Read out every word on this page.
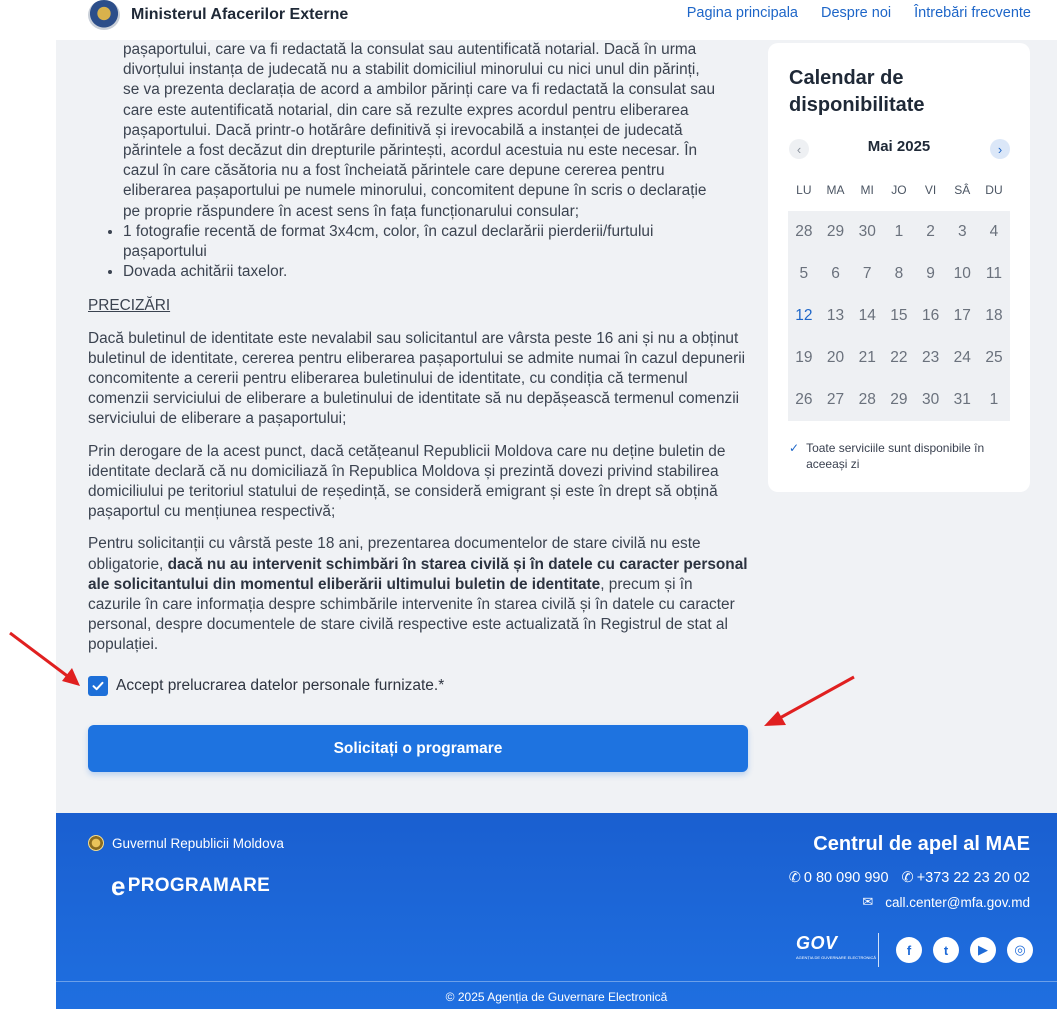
Ministerul Afacerilor Externe	Pagina principala Despre noi Întrebări frecvente
pașaportului, care va fi redactată la consulat sau autentificată notarial. Dacă în urma
divorțului instanța de judecată nu a stabilit domiciliul minorului cu nici unul din părinți,
se va prezenta declarația de acord a ambilor părinți care va fi redactată la consulat sau
care este autentificată notarial, din care să rezulte expres acordul pentru eliberarea
pașaportului. Dacă printr-o hotărâre definitivă și irevocabilă a instanței de judecată
părintele a fost decăzut din drepturile părintești, acordul acestuia nu este necesar. În
cazul în care căsătoria nu a fost încheiată părintele care depune cererea pentru
eliberarea pașaportului pe numele minorului, concomitent depune în scris o declarație
pe proprie răspundere în acest sens în fața funcționarului consular;
• 1 fotografie recentă de format 3x4cm, color, în cazul declarării pierderii/furtului pașaportului
• Dovada achitării taxelor.
PRECIZĂRI

Dacă buletinul de identitate este nevalabil sau solicitantul are vârsta peste 16 ani și nu a obținut buletinul de identitate, cererea pentru eliberarea pașaportului se admite numai în cazul depunerii concomitente a cererii pentru eliberarea buletinului de identitate, cu condiția că termenul comenzii serviciului de eliberare a buletinului de identitate să nu depășească termenul comenzii serviciului de eliberare a pașaportului;

Prin derogare de la acest punct, dacă cetățeanul Republicii Moldova care nu deține buletin de identitate declară că nu domiciliază în Republica Moldova și prezintă dovezi privind stabilirea domiciliului pe teritoriul statului de reședință, se consideră emigrant și este în drept să obțină pașaportul cu mențiunea respectivă;

Pentru solicitanții cu vârstă peste 18 ani, prezentarea documentelor de stare civilă nu este obligatorie, dacă nu au intervenit schimbări în starea civilă și în datele cu caracter personal ale solicitantului din momentul eliberării ultimului buletin de identitate, precum și în cazurile în care informația despre schimbările intervenite în starea civilă și în datele cu caracter personal, despre documentele de stare civilă respective este actualizată în Registrul de stat al populației.

Accept prelucrarea datelor personale furnizate.*
Solicitați o programare
Calendar de
disponibilitate
Mai 2025
‹	›
LU	MA	MI	JO	VI	SÂ	DU
28 29 30	1	2	3	4
5	6	7	8	9	10 11
12 13 14 15 16 17 18
19 20 21 22 23 24 25
26 27 28 29 30 31	1
✓ Toate serviciile sunt disponibile în aceeași zi
Guvernul Republicii Moldova
e PROGRAMARE
Centrul de apel al MAE
✆ 0 80 090 990 ✆ +373 22 23 20 02
✉ call.center@mfa.gov.md
GOV
AGENȚIA DE GUVERNARE ELECTRONICĂ	f	t	▶	◎
© 2025 Agenția de Guvernare Electronică
